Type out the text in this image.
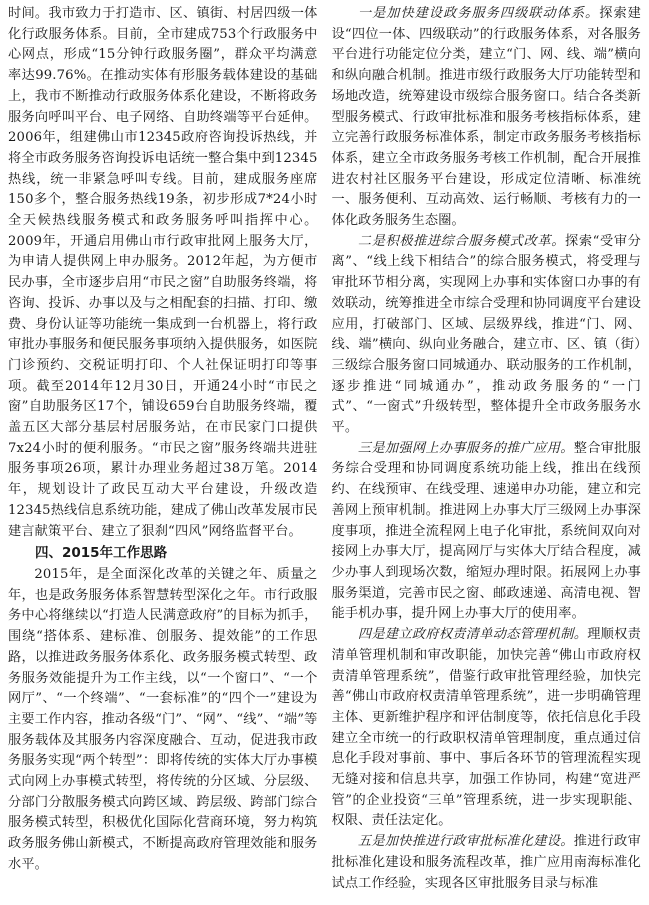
时间。我市致力于打造市、区、镇街、村居四级一体化行政服务体系。目前，全市建成753个行政服务中心网点，形成“15分钟行政服务圈”，群众平均满意率达99.76%。在推动实体有形服务载体建设的基础上，我市不断推动行政服务体系化建设，不断将政务服务向呼叫平台、电子网络、自助终端等平台延伸。2006年，组建佛山市12345政府咨询投诉热线，并将全市政务服务咨询投诉电话统一整合集中到12345热线，统一非紧急呼叫专线。目前，建成服务座席150多个，整合服务热线19条，初步形成7*24小时全天候热线服务模式和政务服务呼叫指挥中心。2009年，开通启用佛山市行政审批网上服务大厅，为申请人提供网上申办服务。2012年起，为方便市民办事，全市逐步启用“市民之窗”自助服务终端，将咨询、投诉、办事以及与之相配套的扫描、打印、缴费、身份认证等功能统一集成到一台机器上，将行政审批办事服务和便民服务事项纳入提供服务，如医院门诊预约、交税证明打印、个人社保证明打印等事项。截至2014年12月30日，开通24小时“市民之窗”自助服务区17个，铺设659台自助服务终端，覆盖五区大部分基层村居服务站，在市民家门口提供7x24小时的便利服务。“市民之窗”服务终端共进驻服务事项26项，累计办理业务超过38万笔。2014年，规划设计了政民互动大平台建设，升级改造12345热线信息系统功能，建成了佛山改革发展市民建言献策平台、建立了狠刹“四风”网络监督平台。

四、2015年工作思路

2015年，是全面深化改革的关键之年、质量之年，也是政务服务体系智慧转型深化之年。市行政服务中心将继续以“打造人民满意政府”的目标为抓手，围绕“搭体系、建标准、创服务、提效能”的工作思路，以推进政务服务体系化、政务服务模式转型、政务服务效能提升为工作主线，以“一个窗口”、“一个网厅”、“一个终端”、“一套标准”的“四个一”建设为主要工作内容，推动各级“门”、“网”、“线”、“端”等服务载体及其服务内容深度融合、互动，促进我市政务服务实现“两个转型”：即将传统的实体大厅办事模式向网上办事模式转型，将传统的分区域、分层级、分部门分散服务模式向跨区域、跨层级、跨部门综合服务模式转型，积极优化国际化营商环境，努力构筑政务服务佛山新模式，不断提高政府管理效能和服务水平。

一是加快建设政务服务四级联动体系。探索建设“四位一体、四级联动”的行政服务体系，对各服务平台进行功能定位分类，建立“门、网、线、端”横向和纵向融合机制。推进市级行政服务大厅功能转型和场地改造，统筹建设市级综合服务窗口。结合各类新型服务模式、行政审批标准和服务考核指标体系，建立完善行政服务标准体系，制定市政务服务考核指标体系，建立全市政务服务考核工作机制，配合开展推进农村社区服务平台建设，形成定位清晰、标准统一、服务便利、互动高效、运行畅顺、考核有力的一体化政务服务生态圈。

二是积极推进综合服务模式改革。探索“受审分离”、“线上线下相结合”的综合服务模式，将受理与审批环节相分离，实现网上办事和实体窗口办事的有效联动，统筹推进全市综合受理和协同调度平台建设应用，打破部门、区域、层级界线，推进“门、网、线、端”横向、纵向业务融合，建立市、区、镇（街）三级综合服务窗口同城通办、联动服务的工作机制，逐步推进“同城通办”，推动政务服务的“一门式”、“一窗式”升级转型，整体提升全市政务服务水平。

三是加强网上办事服务的推广应用。整合审批服务综合受理和协同调度系统功能上线，推出在线预约、在线预审、在线受理、速递申办功能，建立和完善网上预审机制。推进网上办事大厅三级网上办事深度事项，推进全流程网上电子化审批，系统间双向对接网上办事大厅，提高网厅与实体大厅结合程度，减少办事人到现场次数，缩短办理时限。拓展网上办事服务渠道，完善市民之窗、邮政速递、高清电视、智能手机办事，提升网上办事大厅的使用率。

四是建立政府权责清单动态管理机制。理顺权责清单管理机制和审改职能，加快完善“佛山市政府权责清单管理系统”，借鉴行政审批管理经验，加快完善“佛山市政府权责清单管理系统”，进一步明确管理主体、更新维护程序和评估制度等，依托信息化手段建立全市统一的行政职权清单管理制度，重点通过信息化手段对事前、事中、事后各环节的管理流程实现无缝对接和信息共享，加强工作协同，构建“宽进严管”的企业投资“三单”管理系统，进一步实现职能、权限、责任法定化。

五是加快推进行政审批标准化建设。推进行政审批标准化建设和服务流程改革，推广应用南海标准化试点工作经验，实现各区审批服务目录与标准
